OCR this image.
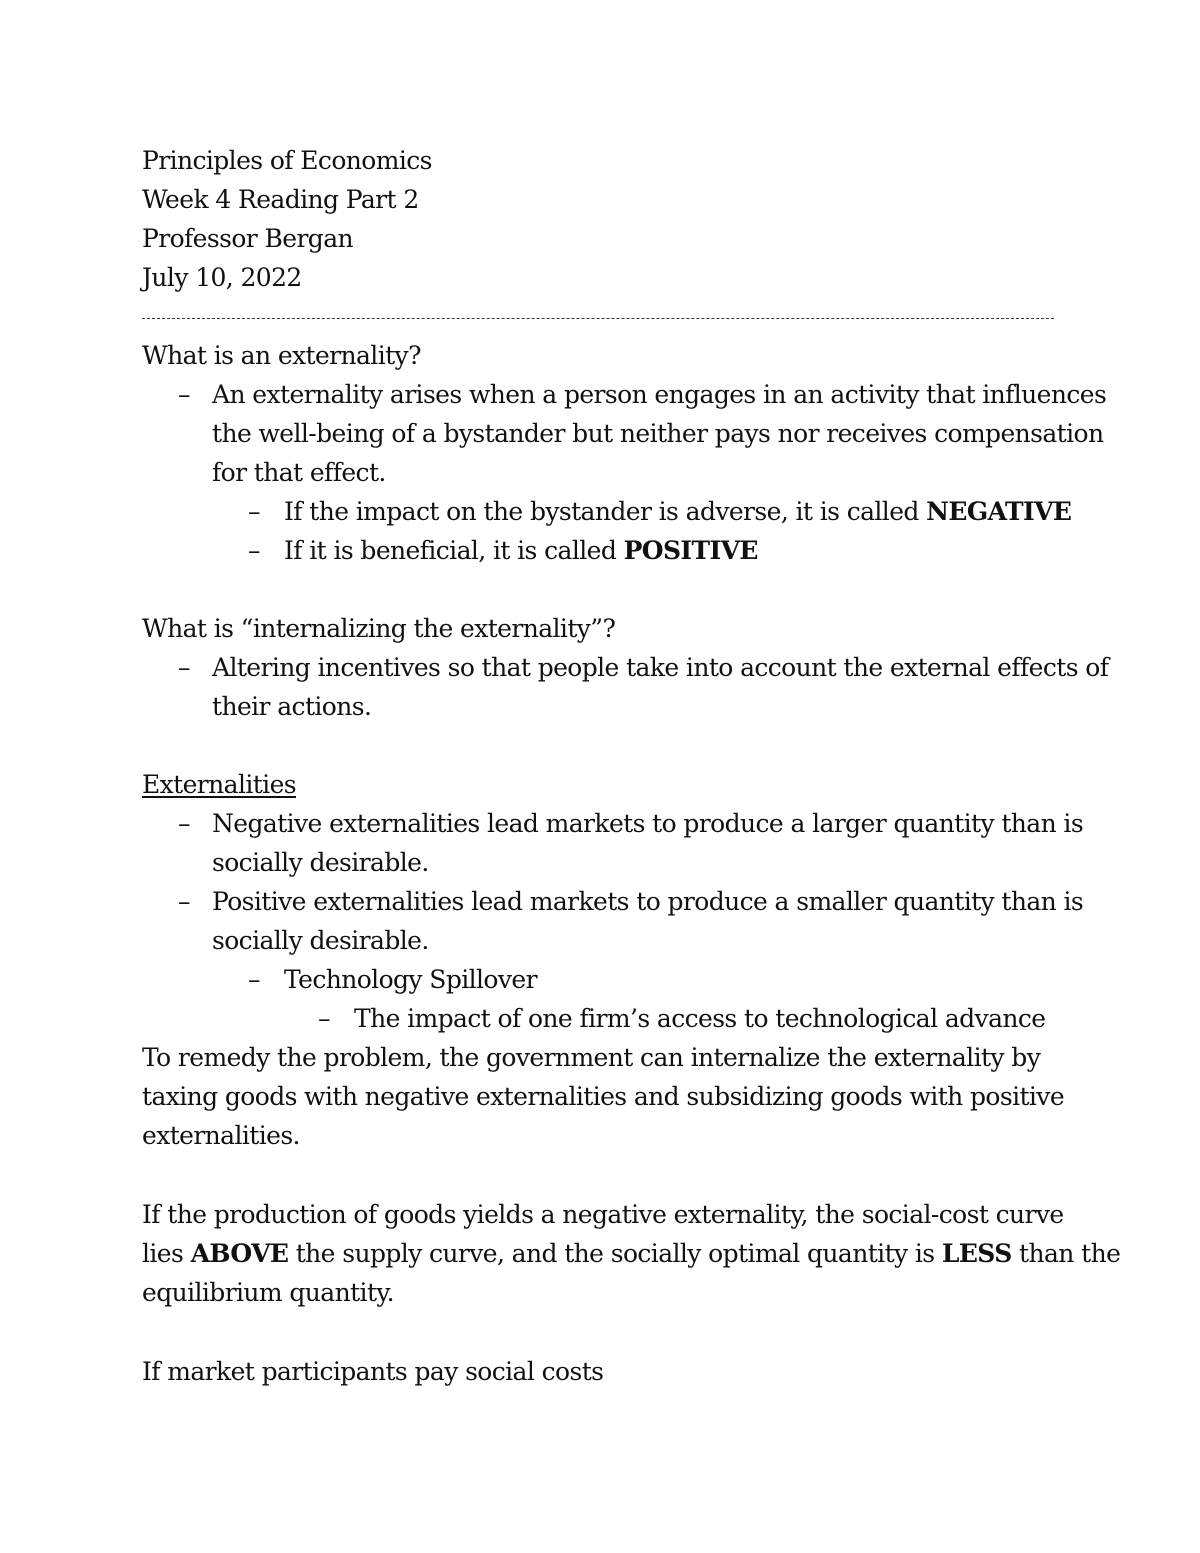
Principles of Economics
Week 4 Reading Part 2
Professor Bergan
July 10, 2022
What is an externality?
– An externality arises when a person engages in an activity that influences
the well-being of a bystander but neither pays nor receives compensation
for that effect.
– If the impact on the bystander is adverse, it is called NEGATIVE
– If it is beneficial, it is called POSITIVE
What is “internalizing the externality”?
– Altering incentives so that people take into account the external effects of
their actions.
Externalities
– Negative externalities lead markets to produce a larger quantity than is
socially desirable.
– Positive externalities lead markets to produce a smaller quantity than is
socially desirable.
– Technology Spillover
– The impact of one firm’s access to technological advance
To remedy the problem, the government can internalize the externality by
taxing goods with negative externalities and subsidizing goods with positive
externalities.
If the production of goods yields a negative externality, the social-cost curve
lies ABOVE the supply curve, and the socially optimal quantity is LESS than the
equilibrium quantity.
If market participants pay social costs
